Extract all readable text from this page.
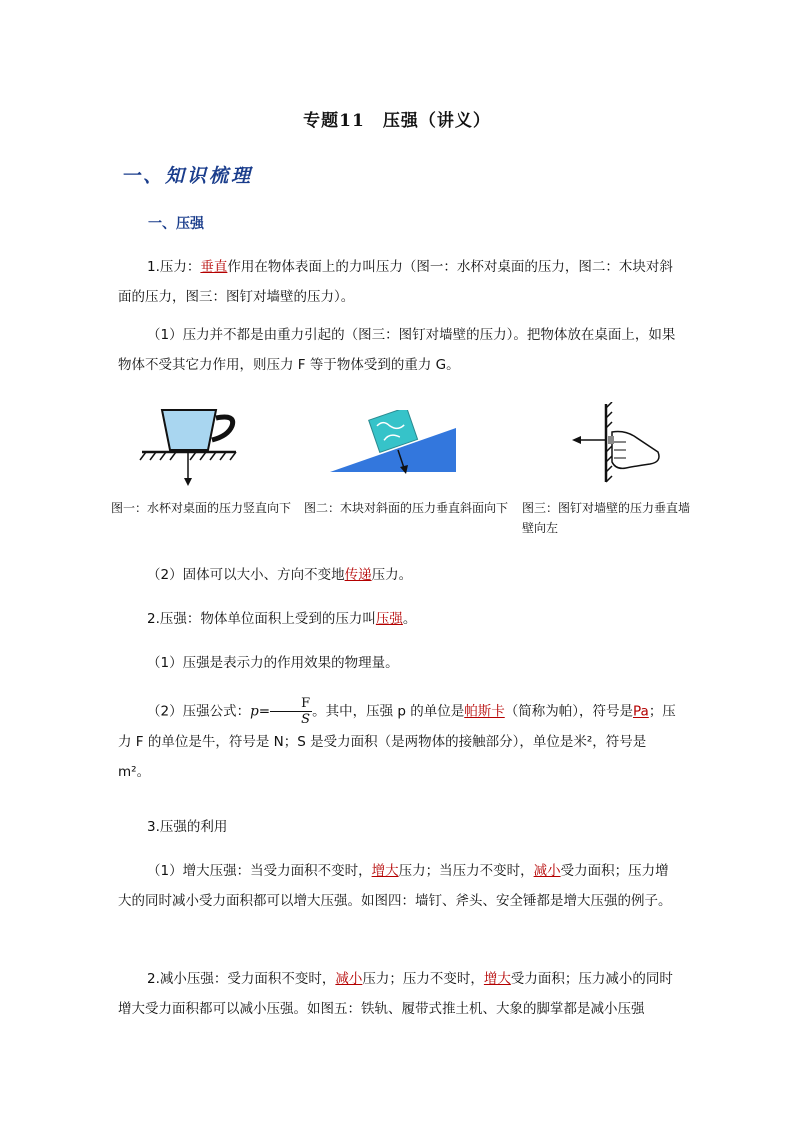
专题11　压强（讲义）
一、知识梳理
一、压强
1.压力：垂直作用在物体表面上的力叫压力（图一：水杯对桌面的压力，图二：木块对斜面的压力，图三：图钉对墙壁的压力）。
（1）压力并不都是由重力引起的（图三：图钉对墙壁的压力）。把物体放在桌面上，如果物体不受其它力作用，则压力 F 等于物体受到的重力 G。
图一：水杯对桌面的压力竖直向下 图二：木块对斜面的压力垂直斜面向下 图三：图钉对墙壁的压力垂直墙壁向左
（2）固体可以大小、方向不变地传递压力。
2.压强：物体单位面积上受到的压力叫压强。
（1）压强是表示力的作用效果的物理量。
（2）压强公式：$p= \frac{F}{S}$ 。其中，压强 p 的单位是帕斯卡（简称为帕），符号是Pa；压力 F 的单位是牛，符号是 N；S 是受力面积（是两物体的接触部分），单位是米²，符号是 m²。
3.压强的利用
（1）增大压强：当受力面积不变时，增大压力；当压力不变时，减小受力面积；压力增大的同时减小受力面积都可以增大压强。如图四：墙钉、斧头、安全锤都是增大压强的例子。
2.减小压强：受力面积不变时，减小压力；压力不变时，增大受力面积；压力减小的同时增大受力面积都可以减小压强。如图五：铁轨、履带式推土机、大象的脚掌都是减小压强
